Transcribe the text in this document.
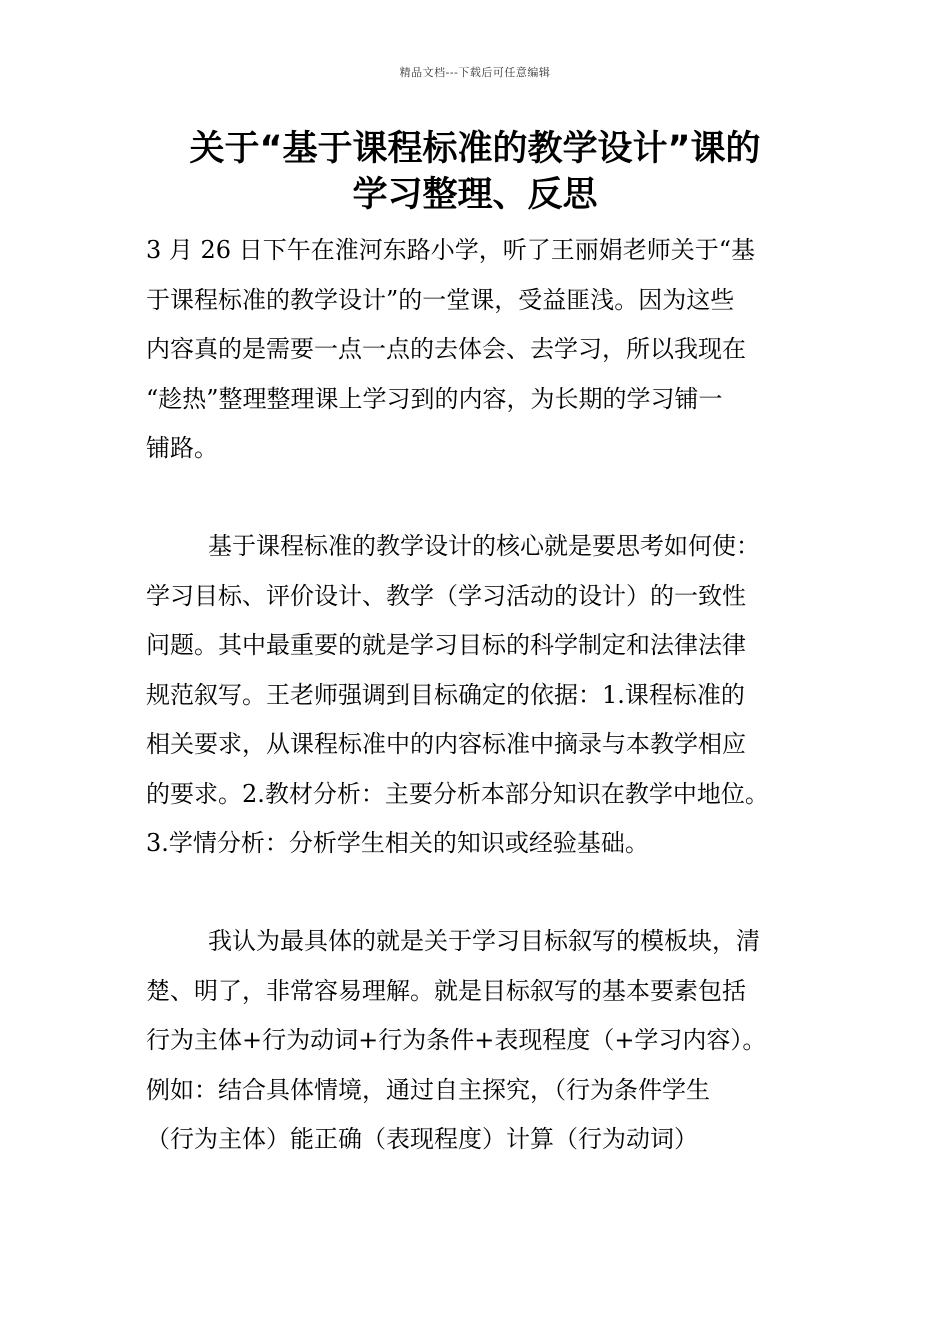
精品文档---下载后可任意编辑
关于“基于课程标准的教学设计”课的
学习整理、反思
3 月 26 日下午在淮河东路小学，听了王丽娟老师关于“基
于课程标准的教学设计”的一堂课，受益匪浅。因为这些
内容真的是需要一点一点的去体会、去学习，所以我现在
“趁热”整理整理课上学习到的内容，为长期的学习铺一
铺路。
基于课程标准的教学设计的核心就是要思考如何使：
学习目标、评价设计、教学（学习活动的设计）的一致性
问题。其中最重要的就是学习目标的科学制定和法律法律
规范叙写。王老师强调到目标确定的依据：1.课程标准的
相关要求，从课程标准中的内容标准中摘录与本教学相应
的要求。2.教材分析：主要分析本部分知识在教学中地位。
3.学情分析：分析学生相关的知识或经验基础。
我认为最具体的就是关于学习目标叙写的模板块，清
楚、明了，非常容易理解。就是目标叙写的基本要素包括
行为主体+行为动词+行为条件+表现程度（+学习内容）。
例如：结合具体情境，通过自主探究，（行为条件学生
（行为主体）能正确（表现程度）计算（行为动词）
